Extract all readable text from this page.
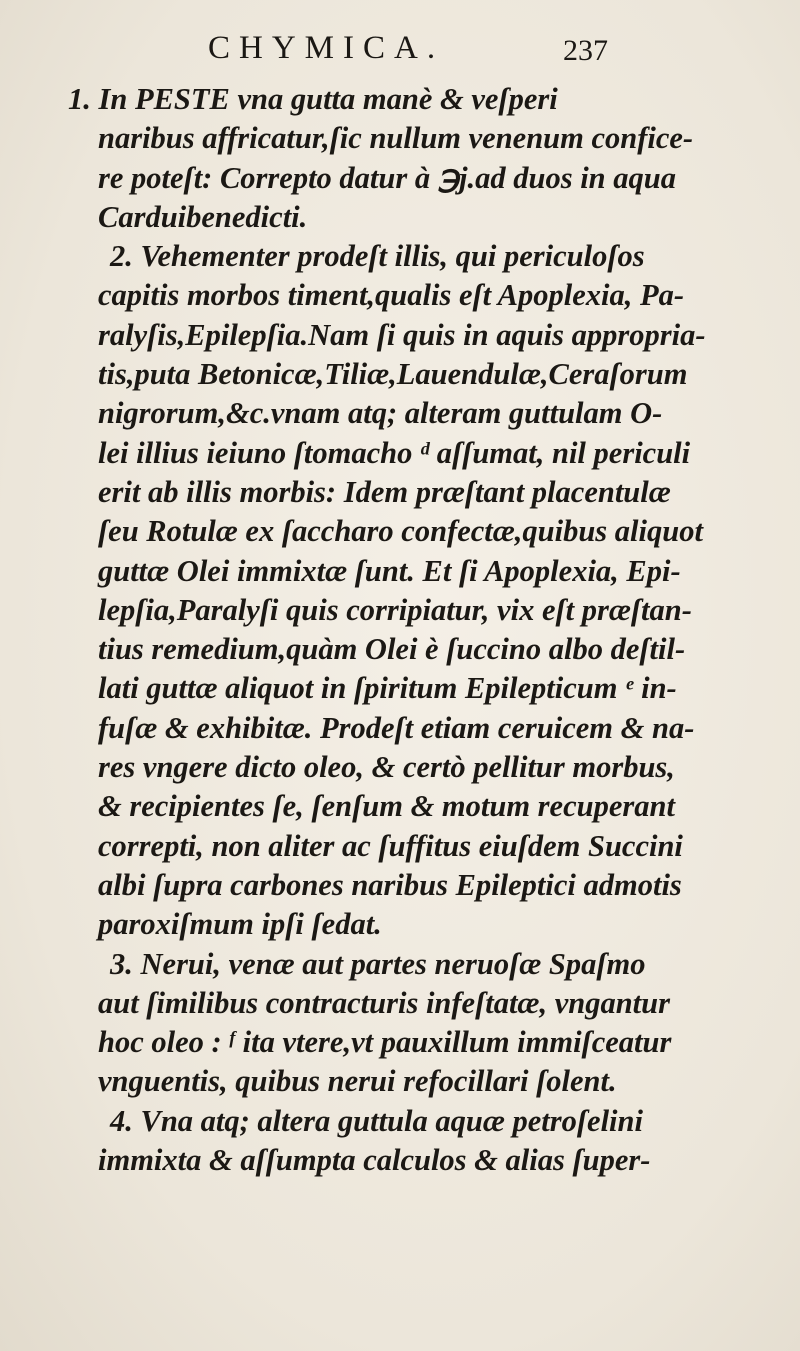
CHYMICA.	237
1. In PESTE vna gutta manè & veſperi
naribus affricatur,ſic nullum venenum confice-
re poteſt: Correpto datur à ℈j.ad duos in aqua
Carduibenedicti.
2. Vehementer prodeſt illis, qui periculoſos
capitis morbos timent,qualis eſt Apoplexia, Pa-
ralyſis,Epilepſia.Nam ſi quis in aquis appropria-
tis,puta Betonicæ,Tiliæ,Lauendulæ,Ceraſorum
nigrorum,&c.vnam atq; alteram guttulam O-
lei illius ieiuno ſtomacho ᵈ aſſumat, nil periculi
erit ab illis morbis: Idem præſtant placentulæ
ſeu Rotulæ ex ſaccharo confectæ,quibus aliquot
guttæ Olei immixtæ ſunt. Et ſi Apoplexia, Epi-
lepſia,Paralyſi quis corripiatur, vix eſt præſtan-
tius remedium,quàm Olei è ſuccino albo deſtil-
lati guttæ aliquot in ſpiritum Epilepticum ᵉ in-
fuſæ & exhibitæ. Prodeſt etiam ceruicem & na-
res vngere dicto oleo, & certò pellitur morbus,
& recipientes ſe, ſenſum & motum recuperant
correpti, non aliter ac ſuffitus eiuſdem Succini
albi ſupra carbones naribus Epileptici admotis
paroxiſmum ipſi ſedat.
3. Nerui, venæ aut partes neruoſæ Spaſmo
aut ſimilibus contracturis infeſtatæ, vngantur
hoc oleo : ᶠ ita vtere,vt pauxillum immiſceatur
vnguentis, quibus nerui refocillari ſolent.
4. Vna atq; altera guttula aquæ petroſelini
immixta & aſſumpta calculos & alias ſuper-
